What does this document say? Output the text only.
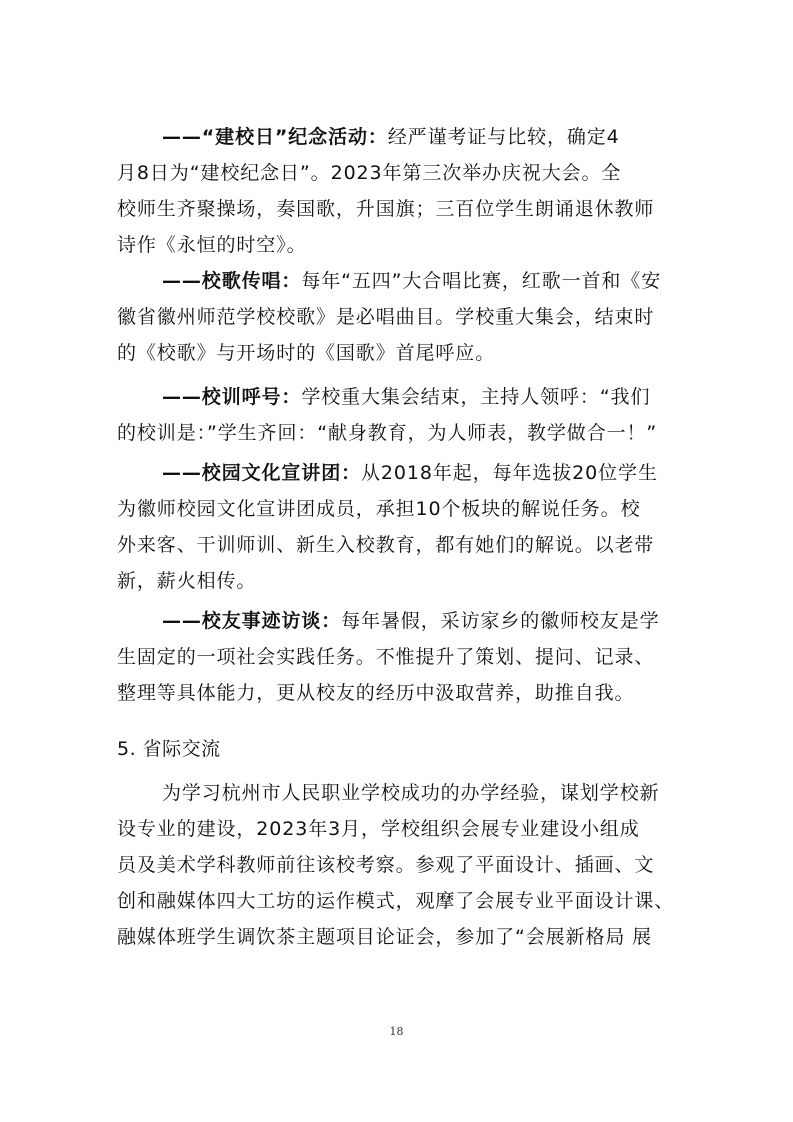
——“建校日”纪念活动：经严谨考证与比较，确定4
月8日为“建校纪念日”。2023年第三次举办庆祝大会。全
校师生齐聚操场，奏国歌，升国旗；三百位学生朗诵退休教师
诗作《永恒的时空》。
——校歌传唱：每年“五四”大合唱比赛，红歌一首和《安
徽省徽州师范学校校歌》是必唱曲目。学校重大集会，结束时
的《校歌》与开场时的《国歌》首尾呼应。
——校训呼号：学校重大集会结束，主持人领呼：“我们
的校训是：”学生齐回：“献身教育，为人师表，教学做合一！”
——校园文化宣讲团：从2018年起，每年选拔20位学生
为徽师校园文化宣讲团成员，承担10个板块的解说任务。校
外来客、干训师训、新生入校教育，都有她们的解说。以老带
新，薪火相传。
——校友事迹访谈：每年暑假，采访家乡的徽师校友是学
生固定的一项社会实践任务。不惟提升了策划、提问、记录、
整理等具体能力，更从校友的经历中汲取营养，助推自我。
5. 省际交流
为学习杭州市人民职业学校成功的办学经验，谋划学校新
设专业的建设，2023年3月，学校组织会展专业建设小组成
员及美术学科教师前往该校考察。参观了平面设计、插画、文
创和融媒体四大工坊的运作模式，观摩了会展专业平面设计课、
融媒体班学生调饮茶主题项目论证会，参加了“会展新格局 展
18
